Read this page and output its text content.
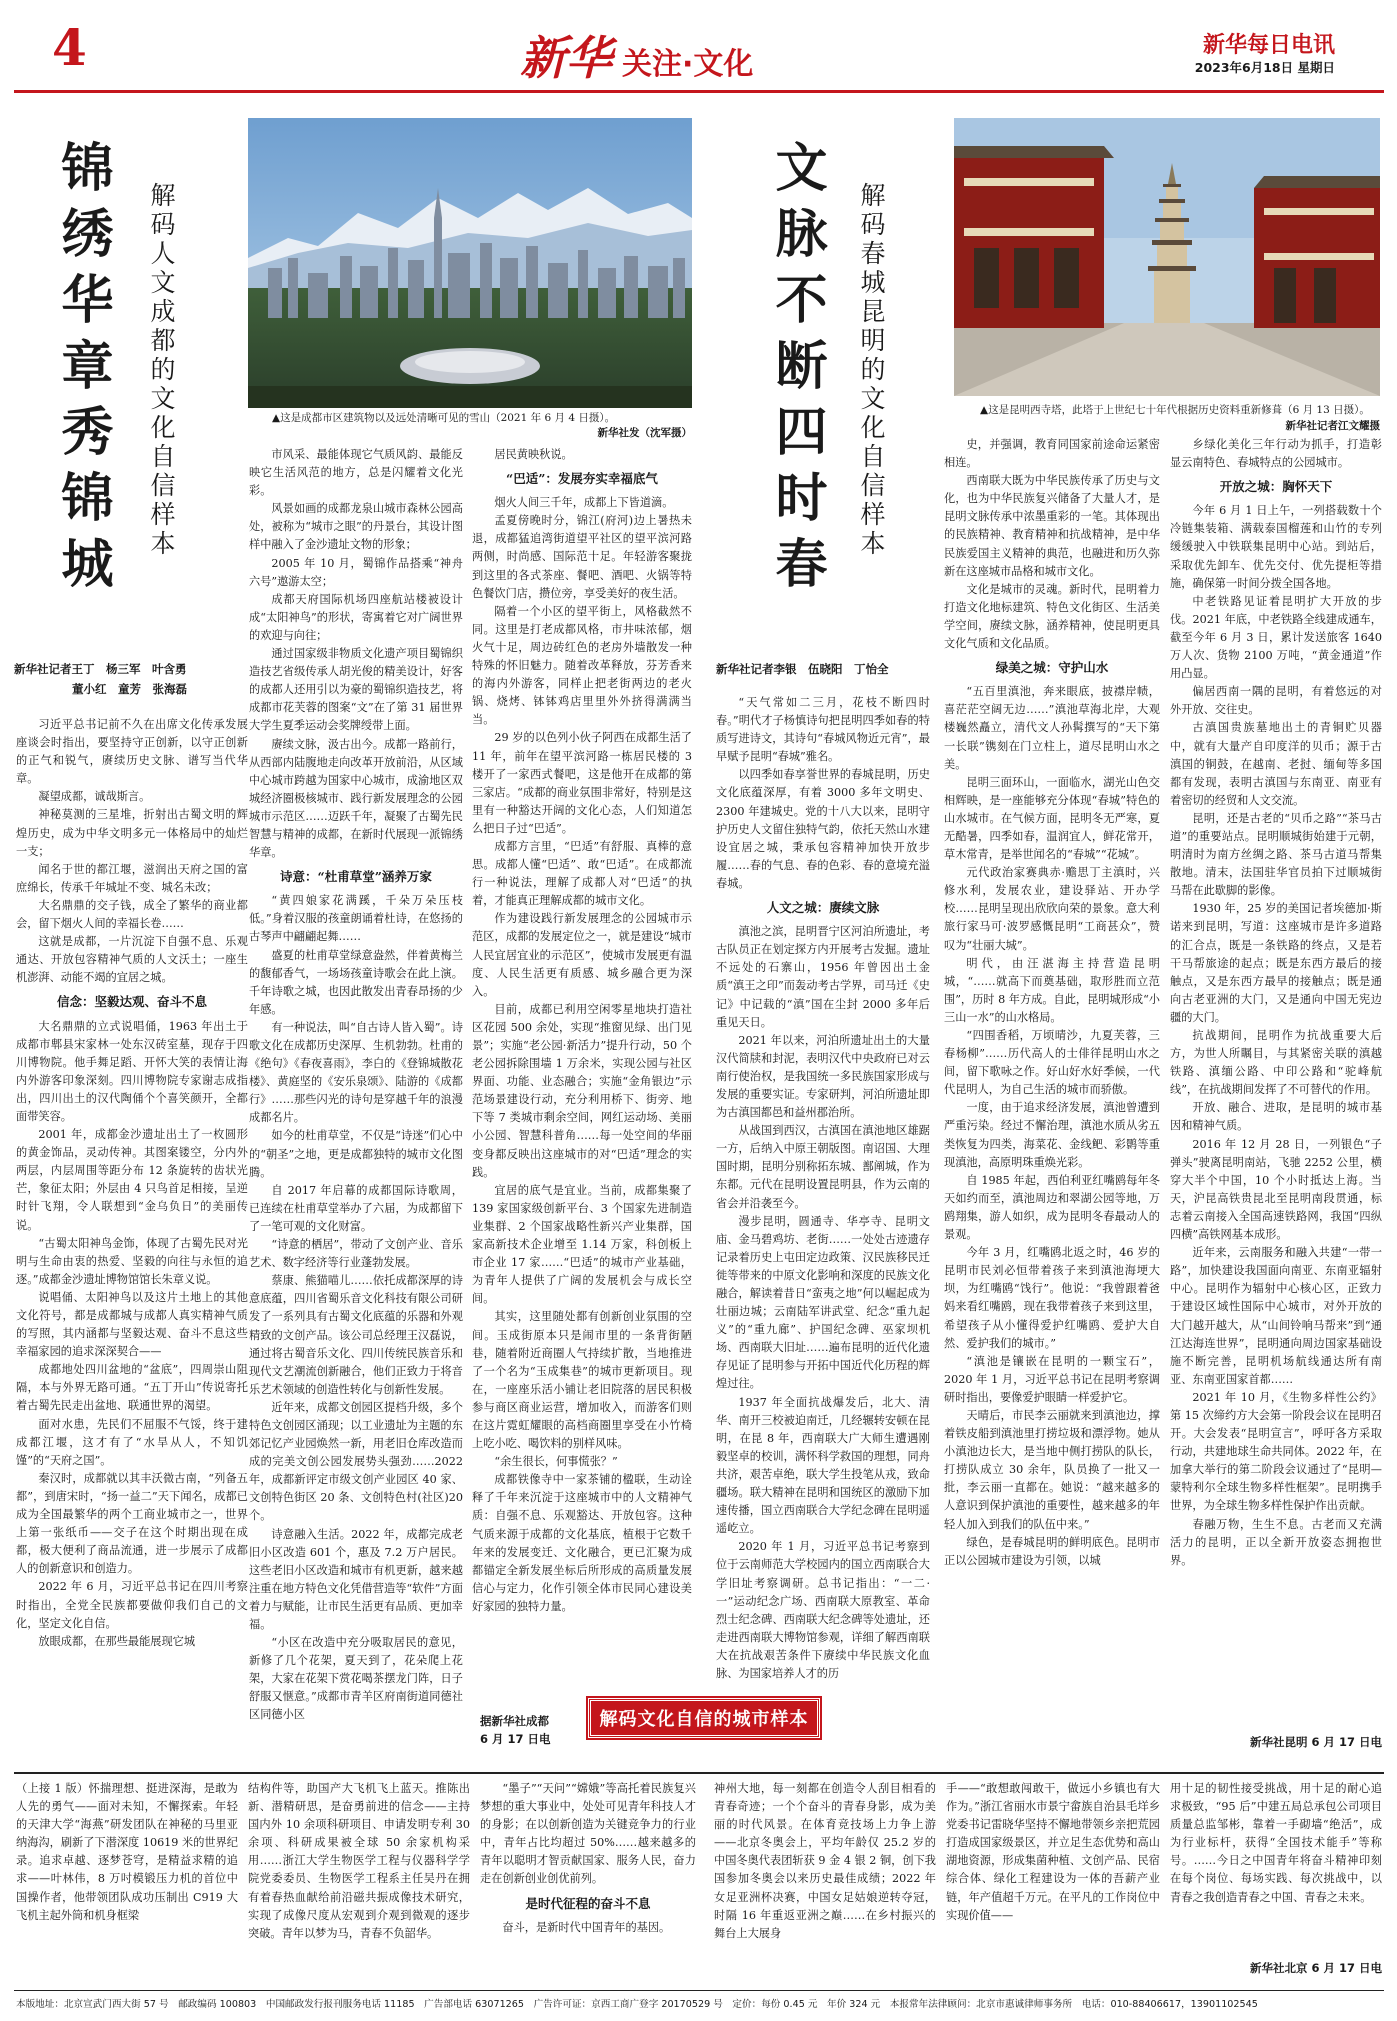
4	新华 关注·文化
新华每日电讯
2023年6月18日 星期日
锦绣华章秀锦城 解码人文成都的文化自信样本
新华社记者王丁　杨三军　叶含勇
董小红　童芳　张海磊
▲这是成都市区建筑物以及远处清晰可见的雪山（2021 年 6 月 4 日摄）。
新华社发（沈军摄）

习近平总书记前不久在出席文化传承发展座谈会时指出，要坚持守正创新，以守正创新的正气和锐气，赓续历史文脉、谱写当代华章。

凝望成都，诚哉斯言。

神秘莫测的三星堆，折射出古蜀文明的辉煌历史，成为中华文明多元一体格局中的灿烂一支；

闻名于世的都江堰，滋润出天府之国的富庶绵长，传承千年城址不变、城名未改；

大名鼎鼎的交子钱，成全了繁华的商业都会，留下烟火人间的幸福长卷……

这就是成都，一片沉淀下自强不息、乐观通达、开放包容精神气质的人文沃土；一座生机澎湃、动能不竭的宜居之城。

信念：坚毅达观、奋斗不息

大名鼎鼎的立式说唱俑，1963 年出土于成都市郫县宋家林一处东汉砖室墓，现存于四川博物院。他手舞足蹈、开怀大笑的表情让海内外游客印象深刻。四川博物院专家谢志成指出，四川出土的汉代陶俑个个喜笑颜开，全都面带笑容。

2001 年，成都金沙遗址出土了一枚圆形的黄金饰品，灵动传神。其图案镂空，分内外两层，内层周围等距分布 12 条旋转的齿状光芒，象征太阳；外层由 4 只鸟首足相接，呈逆时针飞翔，令人联想到“金乌负日”的美丽传说。

“古蜀太阳神鸟金饰，体现了古蜀先民对光明与生命由衷的热爱、坚毅的向往与永恒的追逐。”成都金沙遗址博物馆馆长朱章义说。

说唱俑、太阳神鸟以及这片土地上的其他文化符号，都是成都城与成都人真实精神气质的写照，其内涵都与坚毅达观、奋斗不息这些幸福家园的追求深深契合——

成都地处四川盆地的“盆底”，四周崇山阻隔，本与外界无路可通。“五丁开山”传说寄托着古蜀先民走出盆地、联通世界的渴望。

面对水患，先民们不屈服不气馁，终于建成都江堰，这才有了“水旱从人，不知饥馑”的“天府之国”。

秦汉时，成都就以其丰沃微古南，“列备五都”，到唐宋时，“扬一益二”天下闻名，成都已成为全国最繁华的两个工商业城市之一，世界上第一张纸币——交子在这个时期出现在成都，极大便利了商品流通，进一步展示了成都人的创新意识和创造力。

2022 年 6 月，习近平总书记在四川考察时指出，全党全民族都要做仰我们自己的文化，坚定文化自信。

放眼成都，在那些最能展现它城

市风采、最能体现它气质风韵、最能反映它生活风范的地方，总是闪耀着文化光彩。

风景如画的成都龙泉山城市森林公园高处，被称为“城市之眼”的丹景台，其设计图样中融入了金沙遗址文物的形象；

2005 年 10 月，蜀锦作品搭乘“神舟六号”遨游太空；

成都天府国际机场四座航站楼被设计成“太阳神鸟”的形状，寄寓着它对广阔世界的欢迎与向往；

通过国家级非物质文化遗产项目蜀锦织造技艺省级传承人胡光俊的精美设计，好客的成都人还用引以为豪的蜀锦织造技艺，将成都市花芙蓉的图案“文”在了第 31 届世界大学生夏季运动会奖牌绶带上面。

赓续文脉，汲古出今。成都一路前行，从西部内陆腹地走向改革开放前沿，从区域中心城市跨越为国家中心城市，成渝地区双城经济圈极核城市、践行新发展理念的公园城市示范区……迈跃千年，凝聚了古蜀先民智慧与精神的成都，在新时代展现一派锦绣华章。

诗意：“杜甫草堂”涵养万家

“黄四娘家花满蹊，千朵万朵压枝低。”身着汉服的孩童朗诵着杜诗，在悠扬的古琴声中翩翩起舞……

盛夏的杜甫草堂绿意盎然，伴着黄梅兰的馥郁香气，一场场孩童诗歌会在此上演。千年诗歌之城，也因此散发出青春昂扬的少年感。

有一种说法，叫“自古诗人皆入蜀”。诗歌文化在成都历史深厚、生机勃勃。杜甫的《绝句》《春夜喜雨》，李白的《登锦城散花楼》、黄庭坚的《安乐泉颂》、陆游的《成都行》……那些闪光的诗句是穿越千年的浪漫成都名片。

如今的杜甫草堂，不仅是“诗迷”们心中的“朝圣”之地，更是成都独特的城市文化图腾。

自 2017 年启幕的成都国际诗歌周，已连续在杜甫草堂举办了六届，为成都留下了一笔可观的文化财富。

“诗意的栖居”，带动了文创产业、音乐艺术、数字经济等行业蓬勃发展。

蔡康、熊猫喵儿……依托成都深厚的诗意底蕴，四川省蜀乐音文化科技有限公司研发了一系列具有古蜀文化底蕴的乐器和外观精致的文创产品。该公司总经理王汉磊说，通过将古蜀音乐文化、四川传统民族音乐和现代文艺潮流创新融合，他们正致力于将音乐艺术领域的创造性转化与创新性发展。

近年来，成都文创园区提档升级，多个特色文创园区涌现；以工业遗址为主题的东郊记忆产业园焕然一新，用老旧仓库改造而成的完美文创公园发展势头强劲……2022 年，成都新评定市级文创产业园区 40 家、文创特色街区 20 条、文创特色村(社区)20 个。

诗意融入生活。2022 年，成都完成老旧小区改造 601 个，惠及 7.2 万户居民。这些老旧小区改造和城市有机更新，越来越注重在地方特色文化凭借营造等“软件”方面着力与赋能，让市民生活更有品质、更加幸福。

“小区在改造中充分吸取居民的意见，新修了几个花架，夏天到了，花朵爬上花架，大家在花架下赏花喝茶摆龙门阵，日子舒服又惬意。”成都市青羊区府南街道同德社区同德小区

居民黄映秋说。

“巴适”：发展夯实幸福底气

烟火人间三千年，成都上下皆道滴。

孟夏傍晚时分，锦江(府河)边上暑热未退，成都猛追湾街道望平社区的望平滨河路两侧，时尚感、国际范十足。年轻游客聚拢到这里的各式茶座、餐吧、酒吧、火锅等特色餐饮门店，攒位旁，享受美好的夜生活。

隔着一个小区的望平街上，风格截然不同。这里是打老成都风格，市井味浓郁，烟火气十足，周边砖红色的老房外墙散发一种特殊的怀旧魅力。随着改革释放，芬芳香来的海内外游客，同样止把老街两边的老火锅、烧烤、钵钵鸡店里里外外挤得满满当当。

29 岁的以色列小伙子阿西在成都生活了 11 年，前年在望平滨河路一栋居民楼的 3 楼开了一家西式餐吧，这是他开在成都的第三家店。“成都的商业氛围非常好，特别是这里有一种豁达开阔的文化心态，人们知道怎么把日子过“巴适”。

成都方言里，“巴适”有舒服、真棒的意思。成都人懂“巴适”、敢“巴适”。在成都流行一种说法，理解了成都人对“巴适”的执着，才能真正理解成都的城市文化。

作为建设践行新发展理念的公园城市示范区，成都的发展定位之一，就是建设“城市人民宜居宜业的示范区”，使城市发展更有温度、人民生活更有质感、城乡融合更为深入。

目前，成都已利用空闲零星地块打造社区花园 500 余处，实现“推窗见绿、出门见景”；实施“老公园·新活力”提升行动，50 个老公园拆除围墙 1 万余米，实现公园与社区界面、功能、业态融合；实施“金角银边”示范场景建设行动，充分利用桥下、街旁、地下等 7 类城市剩余空间，网红运动场、美丽小公园、智慧科普角……每一处空间的华丽变身都反映出这座城市的对“巴适”理念的实践。

宜居的底气是宜业。当前，成都集聚了 139 家国家级创新平台、3 个国家先进制造业集群、2 个国家战略性新兴产业集群，国家高新技术企业增至 1.14 万家，科创板上市企业 17 家……“巴适”的城市产业基础，为青年人提供了广阔的发展机会与成长空间。

其实，这里随处都有创新创业氛围的空间。玉成街原本只是闹市里的一条背街陋巷，随着附近商圈人气持续扩散，当地推进了一个名为“玉成集巷”的城市更新项目。现在，一座座乐活小铺让老旧院落的居民积极参与商区商业运营，增加收入，而游客们则在这片霓虹耀眼的高档商圈里享受在小竹椅上吃小吃、喝饮料的别样风味。

“余生很长，何事慌张？”

成都铁像寺中一家茶铺的楹联，生动诠释了千年来沉淀于这座城市中的人文精神气质：自强不息、乐观豁达、开放包容。这种气质来源于成都的文化基底，植根于它数千年来的发展变迁、文化融合，更已汇聚为成都锚定全新发展坐标后所形成的高质量发展信心与定力，化作引领全体市民同心建设美好家园的独特力量。

据新华社成都
6 月 17 日电
解码文化自信的城市样本
文脉不断四时春 解码春城昆明的文化自信样本
新华社记者李银　伍晓阳　丁怡全
▲这是昆明西寺塔，此塔于上世纪七十年代根据历史资料重新修葺（6 月 13 日摄）。
新华社记者江文耀摄

“天气常如二三月，花枝不断四时春。”明代才子杨慎诗句把昆明四季如春的特质写进诗文，其诗句“春城风物近元宵”，最早赋予昆明“春城”雅名。

以四季如春享誉世界的春城昆明，历史文化底蕴深厚，有着 3000 多年文明史、2300 年建城史。党的十八大以来，昆明守护历史人文留住独特气韵，依托天然山水建设宜居之城，秉承包容精神加快开放步履……春的气息、春的色彩、春的意境充溢春城。

人文之城：赓续文脉

滇池之滨，昆明晋宁区河泊所遗址，考古队员正在划定探方内开展考古发掘。遗址不远处的石寨山，1956 年曾因出土金质“滇王之印”而轰动考古学界，司马迁《史记》中记载的“滇”国在尘封 2000 多年后重见天日。

2021 年以来，河泊所遗址出土的大量汉代简牍和封泥，表明汉代中央政府已对云南行使治权，是我国统一多民族国家形成与发展的重要实证。专家研判，河泊所遗址即为古滇国都邑和益州郡治所。

从战国到西汉，古滇国在滇池地区雄踞一方，后纳入中原王朝版图。南诏国、大理国时期，昆明分别称拓东城、鄯阐城，作为东都。元代在昆明设置昆明县，作为云南的省会并沿袭至今。

漫步昆明，圆通寺、华亭寺、昆明文庙、金马碧鸡坊、老街……一处处古迹遗存记录着历史上屯田定边政策、汉民族移民迁徙等带来的中原文化影响和深度的民族文化融合，解读着昔日“蛮夷之地”何以崛起成为壮丽边城；云南陆军讲武堂、纪念“重九起义”的“重九廊”、护国纪念碑、巫家坝机场、西南联大旧址……遍布昆明的近代化遗存见证了昆明参与开拓中国近代化历程的辉煌过往。

1937 年全面抗战爆发后，北大、清华、南开三校被迫南迁，几经辗转安顿在昆明，在昆 8 年，西南联大广大师生遭遇刚毅坚卓的校训，满怀科学救国的理想，同舟共济，艰苦卓绝，联大学生投笔从戎，致命疆场。联大精神在昆明和国统区的激励下加速传播，国立西南联合大学纪念碑在昆明遥遥屹立。

2020 年 1 月，习近平总书记考察到位于云南师范大学校园内的国立西南联合大学旧址考察调研。总书记指出：“一二·一”运动纪念广场、西南联大原教室、革命烈士纪念碑、西南联大纪念碑等处遗址，还走进西南联大博物馆参观，详细了解西南联大在抗战艰苦条件下赓续中华民族文化血脉、为国家培养人才的历

史，并强调，教育同国家前途命运紧密相连。

西南联大既为中华民族传承了历史与文化，也为中华民族复兴储备了大量人才，是昆明文脉传承中浓墨重彩的一笔。其体现出的民族精神、教育精神和抗战精神，是中华民族爱国主义精神的典范，也融进和历久弥新在这座城市品格和城市文化。

文化是城市的灵魂。新时代，昆明着力打造文化地标建筑、特色文化街区、生活美学空间，赓续文脉，涵养精神，使昆明更具文化气质和文化品质。

绿美之城：守护山水

“五百里滇池，奔来眼底，披襟岸帻，喜茫茫空阔无边……”滇池草海北岸，大观楼巍然矗立，清代文人孙髯撰写的“天下第一长联”镌刻在门立柱上，道尽昆明山水之美。

昆明三面环山，一面临水，湖光山色交相辉映，是一座能够充分体现“春城”特色的山水城市。在气候方面，昆明冬无严寒，夏无酷暑，四季如春，温润宜人，鲜花常开，草木常青，是举世闻名的“春城”“花城”。

元代政治家赛典赤·赡思丁主滇时，兴修水利，发展农业，建设驿站、开办学校……昆明呈现出欣欣向荣的景象。意大利旅行家马可·波罗感慨昆明“工商甚众”，赞叹为“壮丽大城”。

明代，由汪湛海主持营造昆明城，“……就高下而奠基础，取形胜而立范围”，历时 8 年方成。自此，昆明城形成“小三山一水”的山水格局。

“四围香稻，万顷晴沙，九夏芙蓉，三春杨柳”……历代高人的士俳徉昆明山水之间，留下歌咏之作。好山好水好季候，一代代昆明人，为自己生活的城市而骄傲。

一度，由于追求经济发展，滇池曾遭到严重污染。经过不懈治理，滇池水质从劣五类恢复为四类，海菜花、金线鲃、彩鹮等重现滇池，高原明珠重焕光彩。

自 1985 年起，西伯利亚红嘴鸥每年冬天如约而至，滇池周边和翠湖公园等地，万鸥翔集，游人如织，成为昆明冬春最动人的景观。

今年 3 月，红嘴鸥北返之时，46 岁的昆明市民刘必恒带着孩子来到滇池海埂大坝，为红嘴鸥“饯行”。他说：“我曾跟着爸妈来看红嘴鸥，现在我带着孩子来到这里，希望孩子从小懂得爱护红嘴鸥、爱护大自然、爱护我们的城市。”

“滇池是镶嵌在昆明的一颗宝石”，2020 年 1 月，习近平总书记在昆明考察调研时指出，要像爱护眼睛一样爱护它。

天晴后，市民李云丽就来到滇池边，撑着铁皮船到滇池里打捞垃圾和漂浮物。她从小滇池边长大，是当地中侧打捞队的队长，打捞队成立 30 余年，队员换了一批又一批，李云丽一直都在。她说：“越来越多的人意识到保护滇池的重要性，越来越多的年轻人加入到我们的队伍中来。”

绿色，是春城昆明的鲜明底色。昆明市正以公园城市建设为引领，以城

乡绿化美化三年行动为抓手，打造彰显云南特色、春城特点的公园城市。

开放之城：胸怀天下

今年 6 月 1 日上午，一列搭载数十个冷链集装箱、满载泰国榴莲和山竹的专列缓缓驶入中铁联集昆明中心站。到站后，采取优先卸车、优先交付、优先提柜等措施，确保第一时间分拨全国各地。

中老铁路见证着昆明扩大开放的步伐。2021 年底，中老铁路全线建成通车，截至今年 6 月 3 日，累计发送旅客 1640 万人次、货物 2100 万吨，“黄金通道”作用凸显。

偏居西南一隅的昆明，有着悠远的对外开放、交往史。

古滇国贵族墓地出土的青铜贮贝器中，就有大量产自印度洋的贝币；源于古滇国的铜鼓，在越南、老挝、缅甸等多国都有发现，表明古滇国与东南亚、南亚有着密切的经贸和人文交流。

昆明，还是古老的“贝币之路”“茶马古道”的重要站点。昆明顺城街始建于元朝，明清时为南方丝绸之路、茶马古道马帮集散地。清末，法国驻华官员拍下过顺城街马帮在此歇脚的影像。

1930 年，25 岁的美国记者埃德加·斯诺来到昆明，写道：这座城市是许多道路的汇合点，既是一条铁路的终点，又是若干马帮旅途的起点；既是东西方最后的接触点，又是东西方最早的接触点；既是通向古老亚洲的大门，又是通向中国无宪边疆的大门。

抗战期间，昆明作为抗战重要大后方，为世人所瞩目，与其紧密关联的滇越铁路、滇缅公路、中印公路和“驼峰航线”，在抗战期间发挥了不可替代的作用。

开放、融合、进取，是昆明的城市基因和精神气质。

2016 年 12 月 28 日，一列银色“子弹头”驶离昆明南站，飞驰 2252 公里，横穿大半个中国，10 个小时抵达上海。当天，沪昆高铁贵昆北至昆明南段贯通，标志着云南接入全国高速铁路网，我国“四纵四横”高铁网基本成形。

近年来，云南服务和融入共建“一带一路”，加快建设我国面向南亚、东南亚辐射中心。昆明作为辐射中心核心区，正致力于建设区域性国际中心城市，对外开放的大门越开越大，从“山间铃响马帮来”到“通江达海连世界”，昆明通向周边国家基础设施不断完善，昆明机场航线通达所有南亚、东南亚国家首都……

2021 年 10 月，《生物多样性公约》第 15 次缔约方大会第一阶段会议在昆明召开。大会发表“昆明宣言”，呼吁各方采取行动，共建地球生命共同体。2022 年，在加拿大举行的第二阶段会议通过了“昆明—蒙特利尔全球生物多样性框架”。昆明携手世界，为全球生物多样性保护作出贡献。

春融万物，生生不息。古老而又充满活力的昆明，正以全新开放姿态拥抱世界。

新华社昆明 6 月 17 日电

（上接 1 版）怀揣理想、挺进深海，是敢为人先的勇气——面对未知，不懈探索。年轻的天津大学“海燕”研发团队在神秘的马里亚纳海沟，刷新了下潜深度 10619 米的世界纪录。追求卓越、逐梦苍穹，是精益求精的追求——叶林伟，8 万吋模锻压力机的首位中国操作者，他带领团队成功压制出 C919 大飞机主起外筒和机身框梁

结构件等，助国产大飞机飞上蓝天。推陈出新、潜精研思，是奋勇前进的信念——主持国内外 10 余项科研项目、申请发明专利 30 余项、科研成果被全球 50 余家机构采用……浙江大学生物医学工程与仪器科学学院党委委员、生物医学工程系主任吴丹在拥有着春热血献给前沿磁共振成像技术研究，实现了成像尺度从宏观到介观到微观的逐步突破。青年以梦为马，青春不负韶华。

“墨子”“天问”“嫦娥”等高托着民族复兴梦想的重大事业中，处处可见青年科技人才的身影；在以创新创造为关键竞争力的行业中，青年占比均超过 50%……越来越多的青年以聪明才智贡献国家、服务人民，奋力走在创新创业创优前列。

是时代征程的奋斗不息

奋斗，是新时代中国青年的基因。

神州大地，每一刻都在创造令人刮目相看的青春奇迹；一个个奋斗的青春身影，成为美丽的时代风景。在体育竞技场上力争上游——北京冬奥会上，平均年龄仅 25.2 岁的中国冬奥代表团斩获 9 金 4 银 2 铜，创下我国参加冬奥会以来历史最佳成绩；2022 年女足亚洲杯决赛，中国女足姑娘逆转夺冠，时隔 16 年重返亚洲之巅……在乡村振兴的舞台上大展身

手——“敢想敢闯敢干，做远小乡镇也有大作为。”浙江省丽水市景宁畲族自治县毛垟乡党委书记雷晓华坚持不懈地带领乡亲把荒园打造成国家级景区，并立足生态优势和高山湖地资源，形成集菌种植、文创产品、民宿综合体、绿化工程建设为一体的吾薪产业链，年产值超千万元。在平凡的工作岗位中实现价值——

用十足的韧性接受挑战，用十足的耐心追求极致，“95 后”中建五局总承包公司项目质量总监邹彬，靠着一手砌墙“绝活”，成为行业标杆，获得“全国技术能手”等称号。……今日之中国青年将奋斗精神印刻在每个岗位、每场实践、每次挑战中，以青春之我创造青春之中国、青春之未来。

新华社北京 6 月 17 日电
本版地址：北京宣武门西大街 57 号　邮政编码 100803　中国邮政发行报刊服务电话 11185　广告部电话 63071265　广告许可证：京西工商广登字 20170529 号　定价：每份 0.45 元　年价 324 元　本报常年法律顾问：北京市惠诚律师事务所　电话：010-88406617，13901102545
